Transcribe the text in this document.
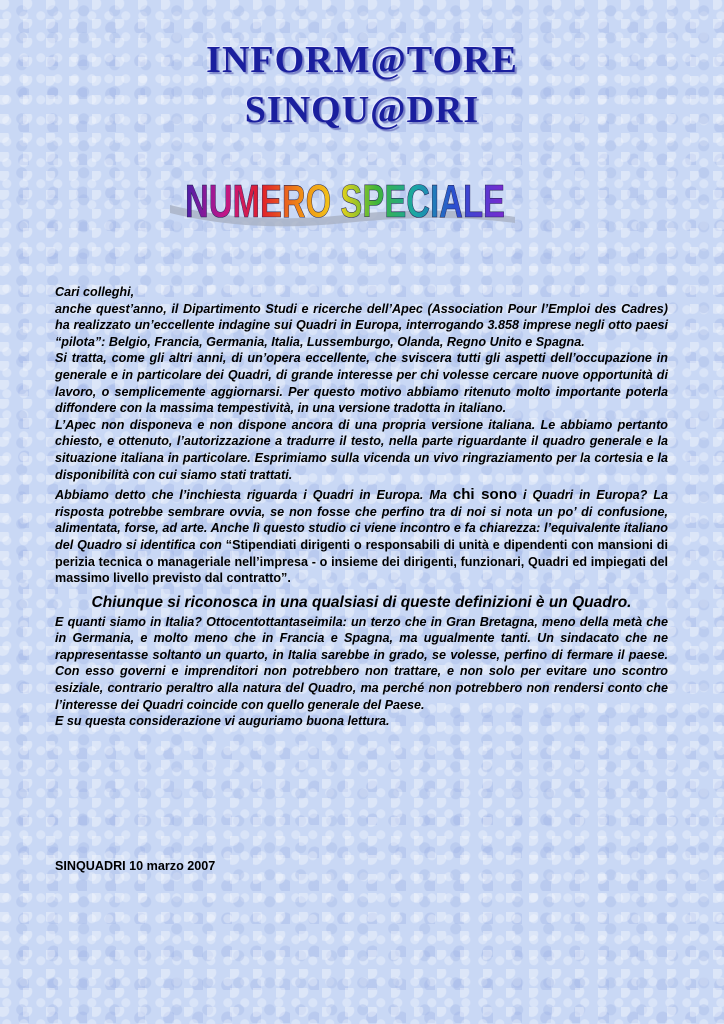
INFORM@TORE
SINQU@DRI
NUMERO SPECIALE

Cari colleghi,

anche quest’anno, il Dipartimento Studi e ricerche dell’Apec (Association Pour l’Emploi des Cadres) ha realizzato un’eccellente indagine sui Quadri in Europa, interrogando 3.858 imprese negli otto paesi “pilota”: Belgio, Francia, Germania, Italia, Lussemburgo, Olanda, Regno Unito e Spagna.

Si tratta, come gli altri anni, di un’opera eccellente, che sviscera tutti gli aspetti dell’occupazione in generale e in particolare dei Quadri, di grande interesse per chi volesse cercare nuove opportunità di lavoro, o semplicemente aggiornarsi. Per questo motivo abbiamo ritenuto molto importante poterla diffondere con la massima tempestività, in una versione tradotta in italiano.

L’Apec non disponeva e non dispone ancora di una propria versione italiana. Le abbiamo pertanto chiesto, e ottenuto, l’autorizzazione a tradurre il testo, nella parte riguardante il quadro generale e la situazione italiana in particolare. Esprimiamo sulla vicenda un vivo ringraziamento per la cortesia e la disponibilità con cui siamo stati trattati.

Abbiamo detto che l’inchiesta riguarda i Quadri in Europa. Ma chi sono i Quadri in Europa? La risposta potrebbe sembrare ovvia, se non fosse che perfino tra di noi si nota un po’ di confusione, alimentata, forse, ad arte. Anche lì questo studio ci viene incontro e fa chiarezza: l’equivalente italiano del Quadro si identifica con “Stipendiati dirigenti o responsabili di unità e dipendenti con mansioni di perizia tecnica o manageriale nell’impresa - o insieme dei dirigenti, funzionari, Quadri ed impiegati del massimo livello previsto dal contratto”.

Chiunque si riconosca in una qualsiasi di queste definizioni è un Quadro.

E quanti siamo in Italia? Ottocentottantaseimila: un terzo che in Gran Bretagna, meno della metà che in Germania, e molto meno che in Francia e Spagna, ma ugualmente tanti. Un sindacato che ne rappresentasse soltanto un quarto, in Italia sarebbe in grado, se volesse, perfino di fermare il paese. Con esso governi e imprenditori non potrebbero non trattare, e non solo per evitare uno scontro esiziale, contrario peraltro alla natura del Quadro, ma perché non potrebbero non rendersi conto che l’interesse dei Quadri coincide con quello generale del Paese.

E su questa considerazione vi auguriamo buona lettura.

SINQUADRI 10 marzo 2007
